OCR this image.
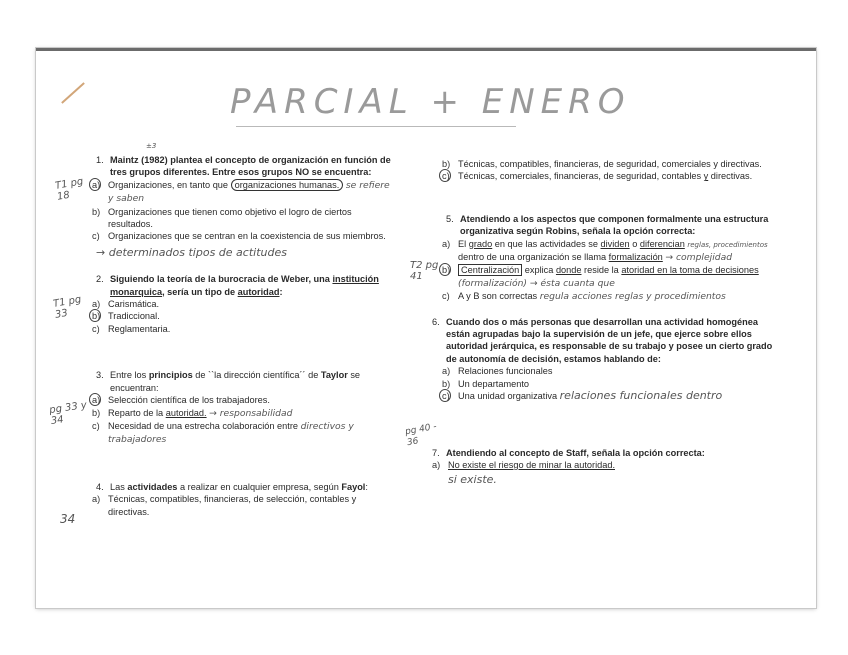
PARCIAL + ENERO
±3
T1 pg 18
T1 pg 33
pg 33 y 34
34
T2 pg 41
pg 40 - 36
1. Maintz (1982) plantea el concepto de organización en función de tres grupos diferentes. Entre esos grupos NO se encuentra:
a) Organizaciones, en tanto que organizaciones humanas. se refiere y saben
b) Organizaciones que tienen como objetivo el logro de ciertos resultados.
c) Organizaciones que se centran en la coexistencia de sus miembros.
→ determinados tipos de actitudes
2. Siguiendo la teoría de la burocracia de Weber, una institución monarquica, sería un tipo de autoridad:
a) Carismática.
b) Tradiccional.
c) Reglamentaria.
3. Entre los principios de ``la dirección científica´´ de Taylor se encuentran:
a) Selección científica de los trabajadores.
b) Reparto de la autoridad. → responsabilidad
c) Necesidad de una estrecha colaboración entre directivos y trabajadores
4. Las actividades a realizar en cualquier empresa, según Fayol:
a) Técnicas, compatibles, financieras, de selección, contables y directivas.
b) Técnicas, compatibles, financieras, de seguridad, comerciales y directivas.
c) Técnicas, comerciales, financieras, de seguridad, contables y directivas.
5. Atendiendo a los aspectos que componen formalmente una estructura organizativa según Robins, señala la opción correcta:
a) El grado en que las actividades se dividen o diferencian reglas, procedimientos dentro de una organización se llama formalización → complejidad
b)	Centralización explica donde reside la atoridad en la toma de decisiones (formalización) → ésta cuanta que
c) A y B son correctas regula acciones reglas y procedimientos
6. Cuando dos o más personas que desarrollan una actividad homogénea están agrupadas bajo la supervisión de un jefe, que ejerce sobre ellos autoridad jerárquica, es responsable de su trabajo y posee un cierto grado de autonomía de decisión, estamos hablando de:
a) Relaciones funcionales
b) Un departamento
c) Una unidad organizativa relaciones funcionales dentro
7. Atendiendo al concepto de Staff, señala la opción correcta:
a) No existe el riesgo de minar la autoridad.
si existe.
